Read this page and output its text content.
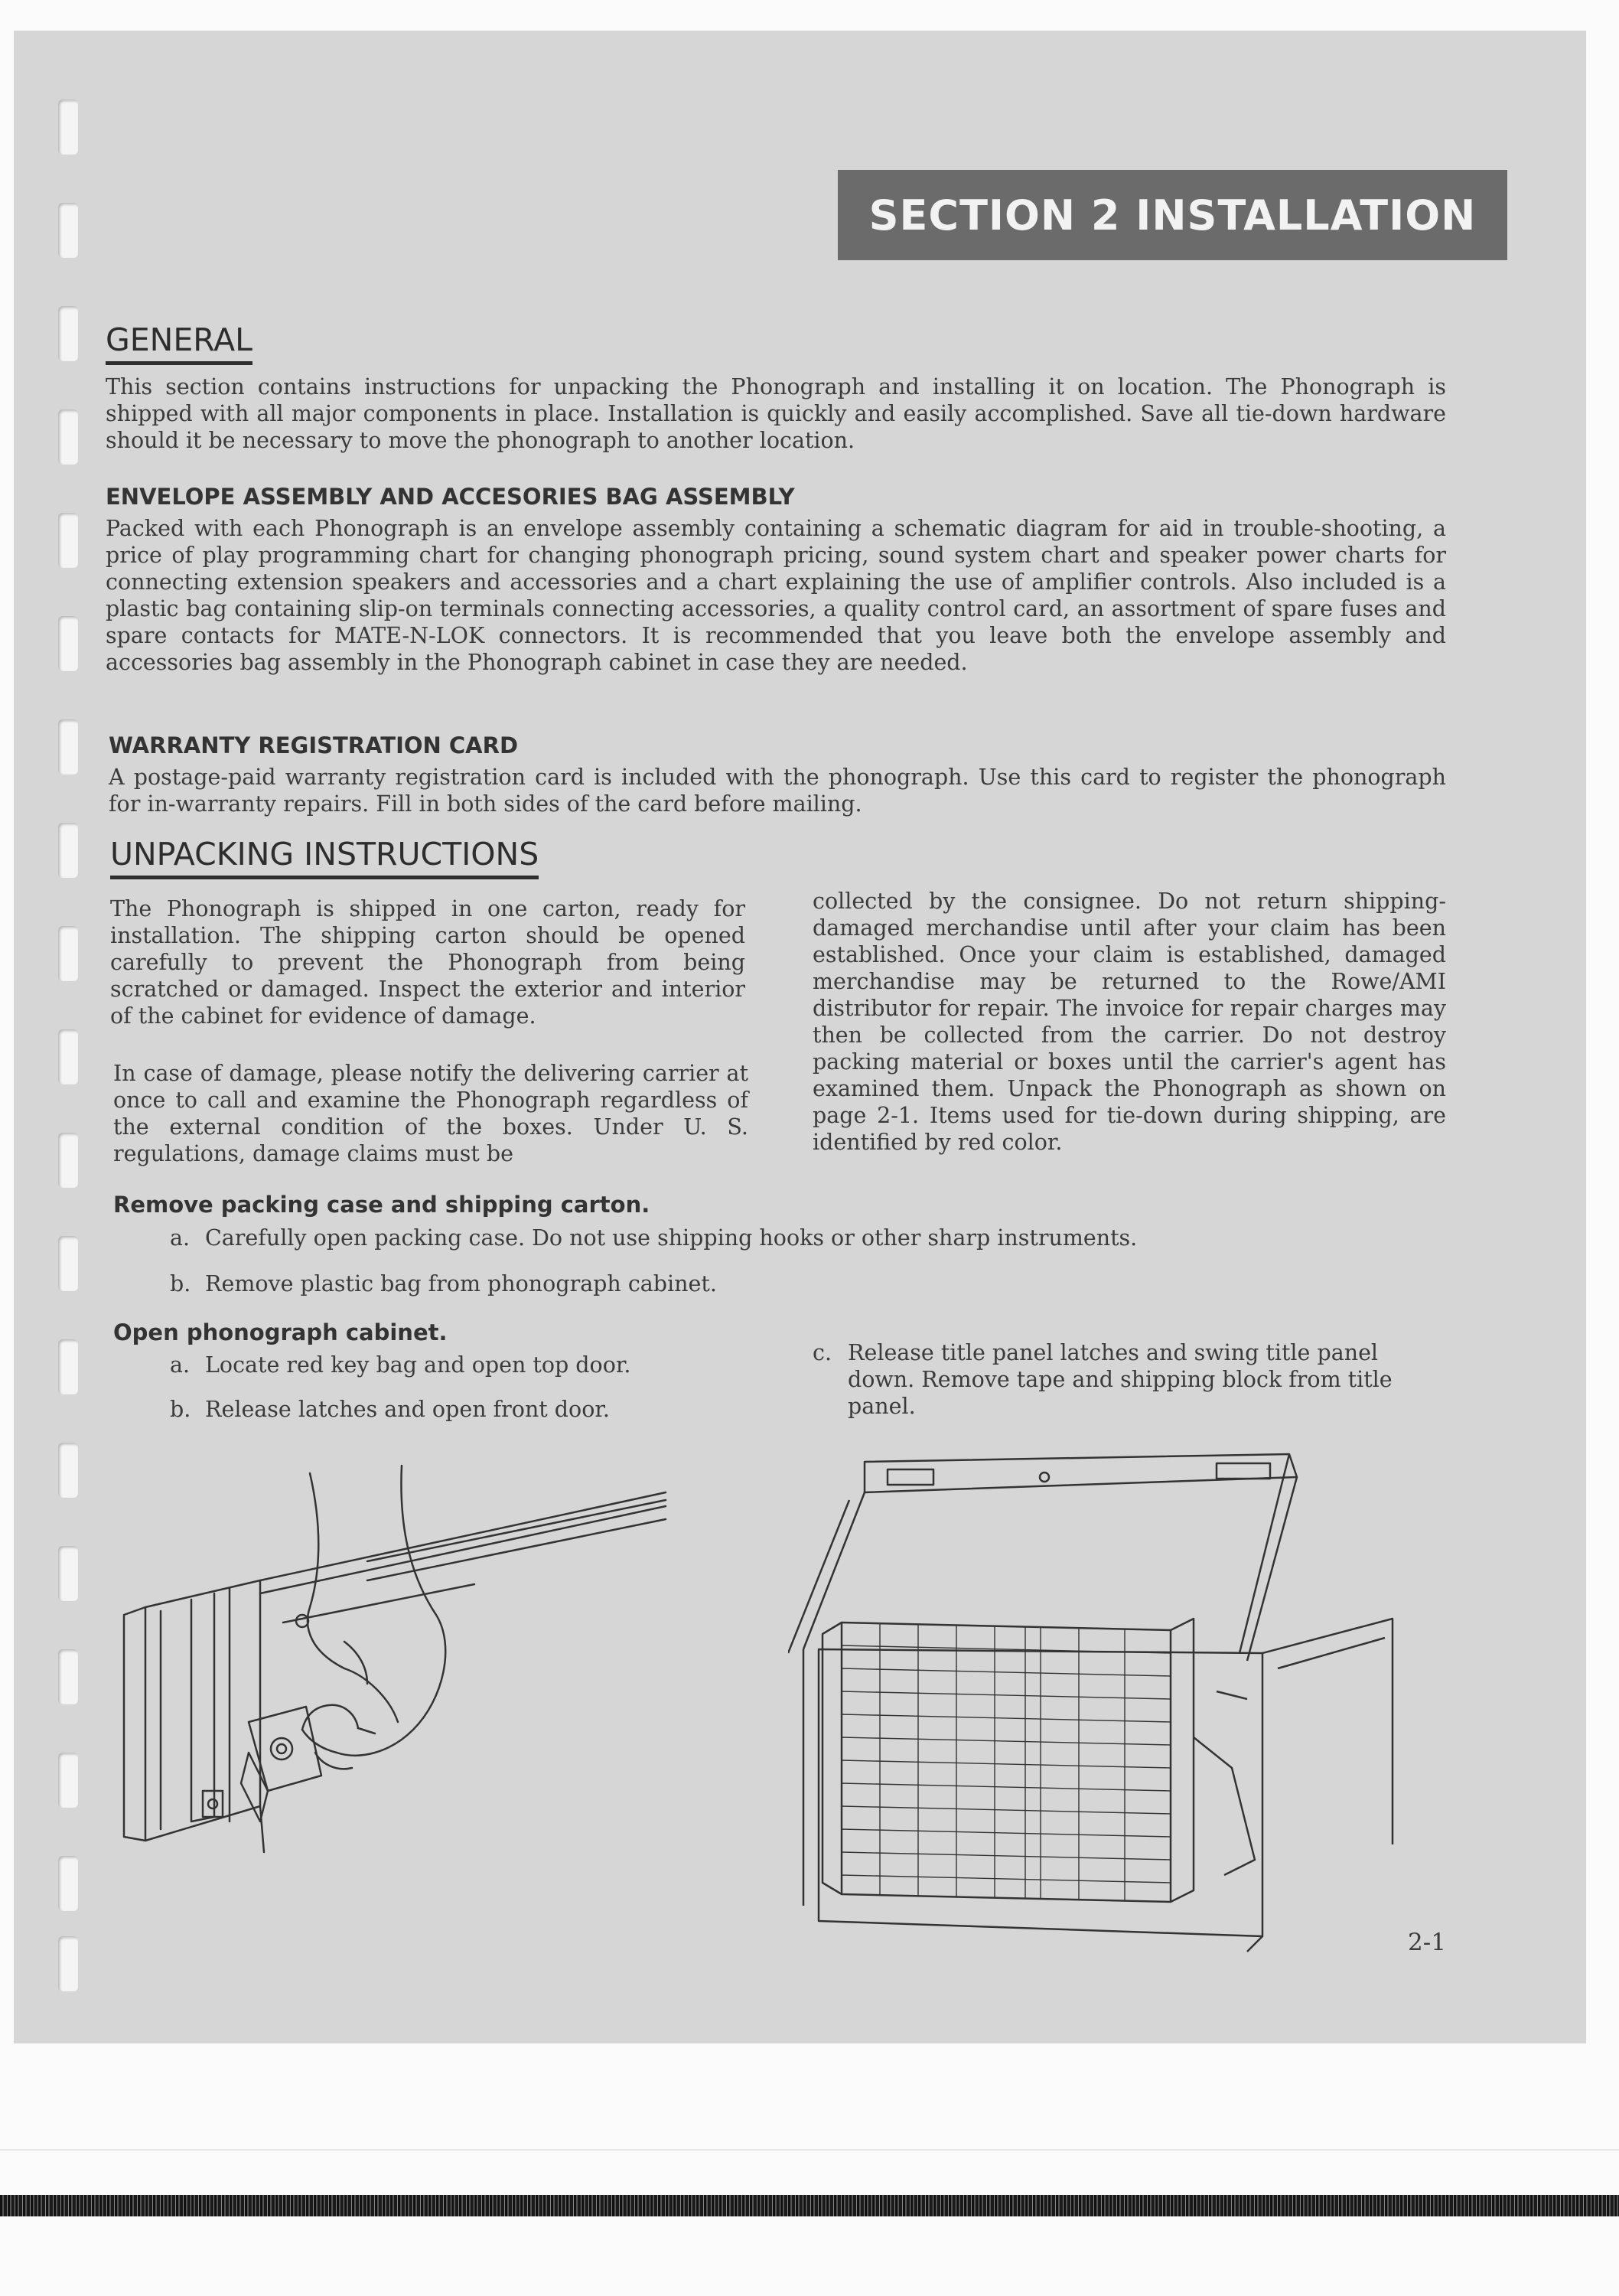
SECTION 2 INSTALLATION
GENERAL

This section contains instructions for unpacking the Phonograph and installing it on location. The Phonograph is shipped with all major components in place. Installation is quickly and easily accomplished. Save all tie-down hardware should it be necessary to move the phonograph to another location.

ENVELOPE ASSEMBLY AND ACCESORIES BAG ASSEMBLY

Packed with each Phonograph is an envelope assembly containing a schematic diagram for aid in trouble-shooting, a price of play programming chart for changing phonograph pricing, sound system chart and speaker power charts for connecting extension speakers and accessories and a chart explaining the use of amplifier controls. Also included is a plastic bag containing slip-on terminals connecting accessories, a quality control card, an assortment of spare fuses and spare contacts for MATE-N-LOK connectors. It is recommended that you leave both the envelope assembly and accessories bag assembly in the Phonograph cabinet in case they are needed.

WARRANTY REGISTRATION CARD

A postage-paid warranty registration card is included with the phonograph. Use this card to register the phonograph for in-warranty repairs. Fill in both sides of the card before mailing.

UNPACKING INSTRUCTIONS

The Phonograph is shipped in one carton, ready for installation. The shipping carton should be opened carefully to prevent the Phonograph from being scratched or damaged. Inspect the exterior and interior of the cabinet for evidence of damage.

In case of damage, please notify the delivering carrier at once to call and examine the Phonograph regardless of the external condition of the boxes. Under U. S. regulations, damage claims must be

collected by the consignee. Do not return shipping-damaged merchandise until after your claim has been established. Once your claim is established, damaged merchandise may be returned to the Rowe/AMI distributor for repair. The invoice for repair charges may then be collected from the carrier. Do not destroy packing material or boxes until the carrier's agent has examined them. Unpack the Phonograph as shown on page 2-1. Items used for tie-down during shipping, are identified by red color.

Remove packing case and shipping carton.
a. Carefully open packing case. Do not use shipping hooks or other sharp instruments.
b. Remove plastic bag from phonograph cabinet.
Open phonograph cabinet.
a. Locate red key bag and open top door.
b. Release latches and open front door.
c. Release title panel latches and swing title panel down. Remove tape and shipping block from title panel.
2-1
